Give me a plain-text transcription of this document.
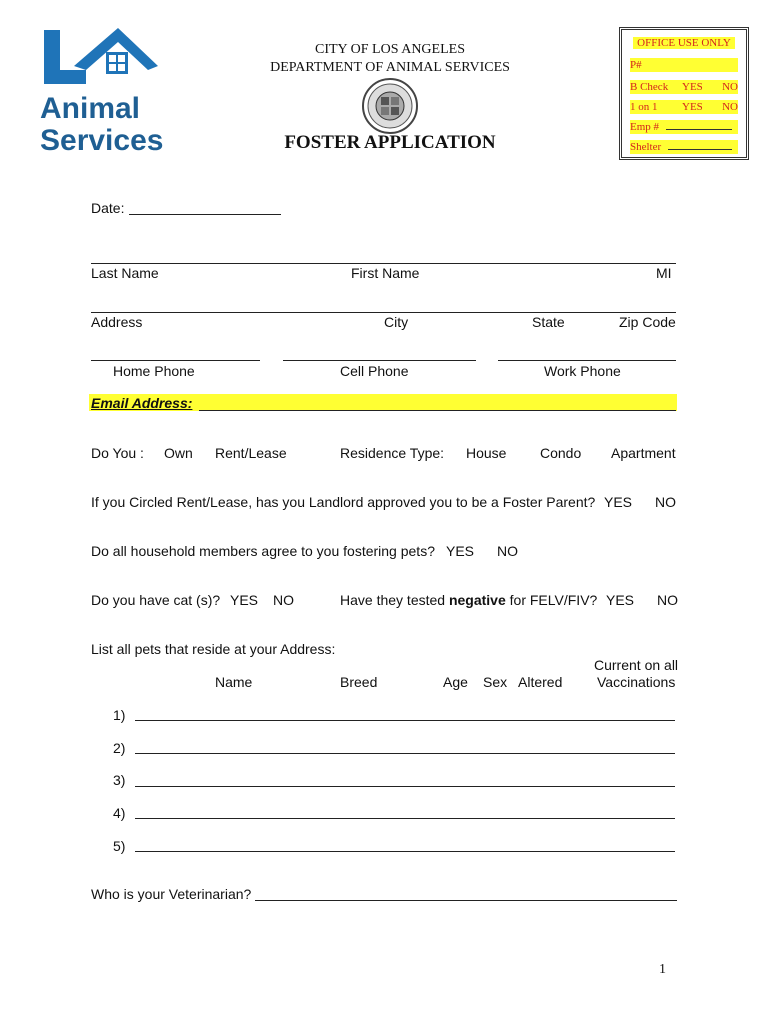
Animal
Services
CITY OF LOS ANGELES
DEPARTMENT OF ANIMAL SERVICES
FOSTER APPLICATION
OFFICE USE ONLY
P#
B Check YES NO
1 on 1 YES NO
Emp #
Shelter
Date:
Last Name	First Name	MI
Address	City	State	Zip Code
Home Phone	Cell Phone	Work Phone
Email Address:
Do You : Own Rent/Lease	Residence Type: House Condo Apartment
If you Circled Rent/Lease, has you Landlord approved you to be a Foster Parent? YES NO
Do all household members agree to you fostering pets? YES NO
Do you have cat (s)? YES NO	Have they tested negative for FELV/FIV? YES NO
List all pets that reside at your Address:
Name	Breed	Age Sex Altered
Current on all
Vaccinations
1)
2)
3)
4)
5)
Who is your Veterinarian?
1
